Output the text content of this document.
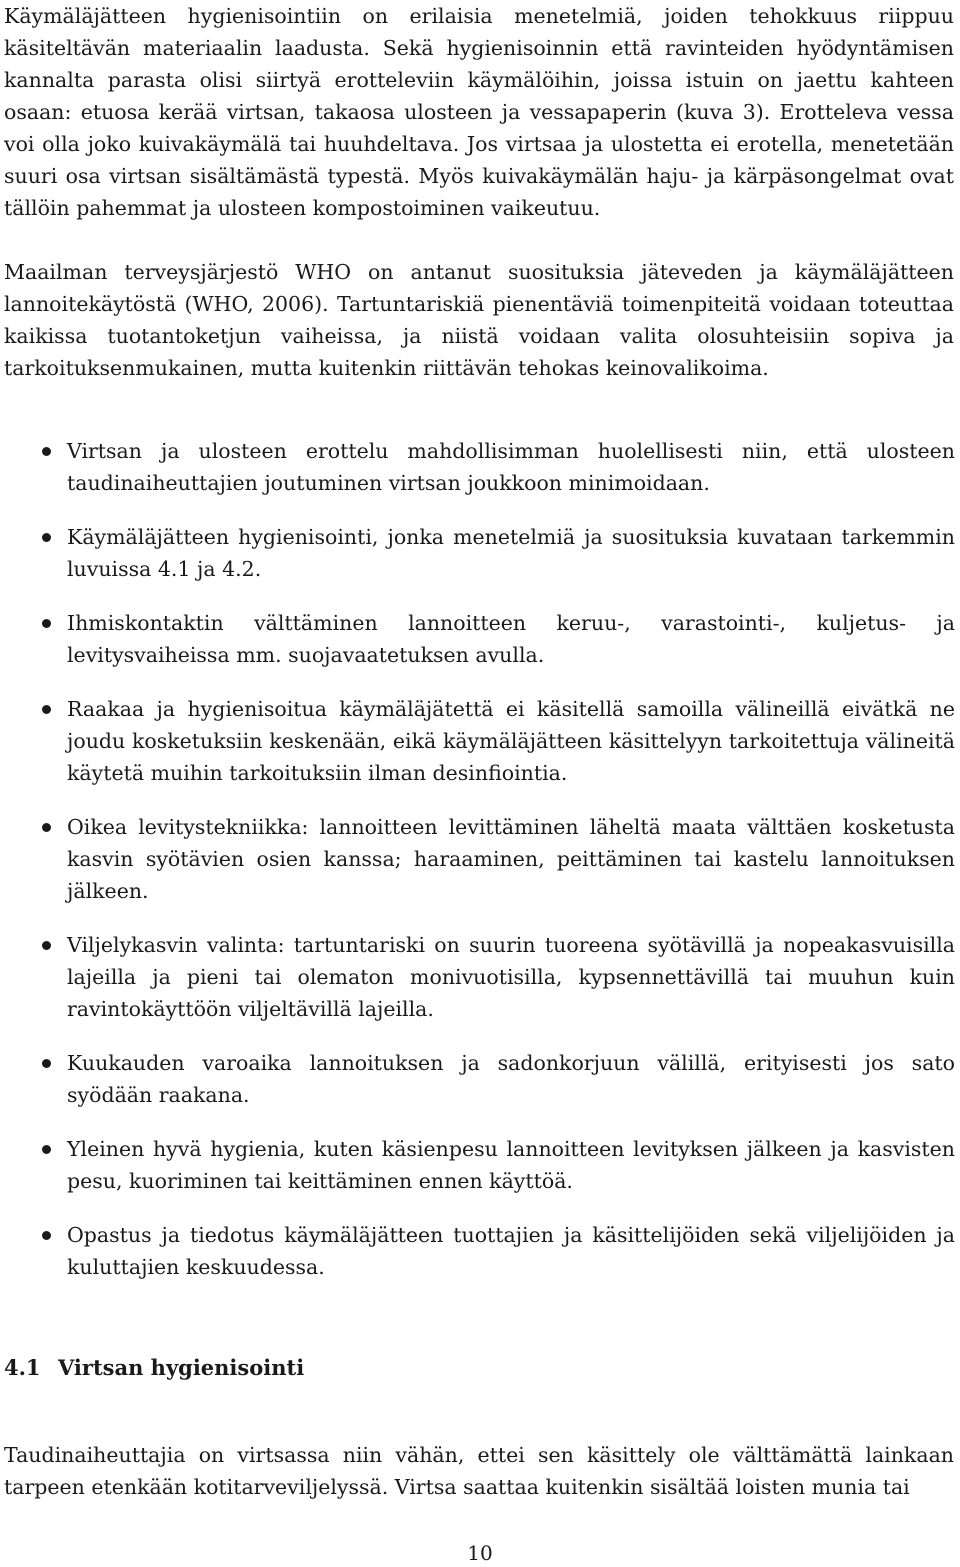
Käymäläjätteen hygienisointiin on erilaisia menetelmiä, joiden tehokkuus riippuu käsiteltävän materiaalin laadusta. Sekä hygienisoinnin että ravinteiden hyödyntämisen kannalta parasta olisi siirtyä erotteleviin käymälöihin, joissa istuin on jaettu kahteen osaan: etuosa kerää virtsan, takaosa ulosteen ja vessapaperin (kuva 3). Erotteleva vessa voi olla joko kuivakäymälä tai huuhdeltava. Jos virtsaa ja ulostetta ei erotella, menetetään suuri osa virtsan sisältämästä typestä. Myös kuivakäymälän haju- ja kärpäsongelmat ovat tällöin pahemmat ja ulosteen kompostoiminen vaikeutuu.

Maailman terveysjärjestö WHO on antanut suosituksia jäteveden ja käymäläjätteen lannoitekäytöstä (WHO, 2006). Tartuntariskiä pienentäviä toimenpiteitä voidaan toteuttaa kaikissa tuotantoketjun vaiheissa, ja niistä voidaan valita olosuhteisiin sopiva ja tarkoituksenmukainen, mutta kuitenkin riittävän tehokas keinovalikoima.

Virtsan ja ulosteen erottelu mahdollisimman huolellisesti niin, että ulosteen taudinaiheuttajien joutuminen virtsan joukkoon minimoidaan.
Käymäläjätteen hygienisointi, jonka menetelmiä ja suosituksia kuvataan tarkemmin luvuissa 4.1 ja 4.2.
Ihmiskontaktin välttäminen lannoitteen keruu-, varastointi-, kuljetus- ja levitysvaiheissa mm. suojavaatetuksen avulla.
Raakaa ja hygienisoitua käymäläjätettä ei käsitellä samoilla välineillä eivätkä ne joudu kosketuksiin keskenään, eikä käymäläjätteen käsittelyyn tarkoitettuja välineitä käytetä muihin tarkoituksiin ilman desinfiointia.
Oikea levitystekniikka: lannoitteen levittäminen läheltä maata välttäen kosketusta kasvin syötävien osien kanssa; haraaminen, peittäminen tai kastelu lannoituksen jälkeen.
Viljelykasvin valinta: tartuntariski on suurin tuoreena syötävillä ja nopeakasvuisilla lajeilla ja pieni tai olematon monivuotisilla, kypsennettävillä tai muuhun kuin ravintokäyttöön viljeltävillä lajeilla.
Kuukauden varoaika lannoituksen ja sadonkorjuun välillä, erityisesti jos sato syödään raakana.
Yleinen hyvä hygienia, kuten käsienpesu lannoitteen levityksen jälkeen ja kasvisten pesu, kuoriminen tai keittäminen ennen käyttöä.
Opastus ja tiedotus käymäläjätteen tuottajien ja käsittelijöiden sekä viljelijöiden ja kuluttajien keskuudessa.
4.1 Virtsan hygienisointi

Taudinaiheuttajia on virtsassa niin vähän, ettei sen käsittely ole välttämättä lainkaan tarpeen etenkään kotitarveviljelyssä. Virtsa saattaa kuitenkin sisältää loisten munia tai

10
